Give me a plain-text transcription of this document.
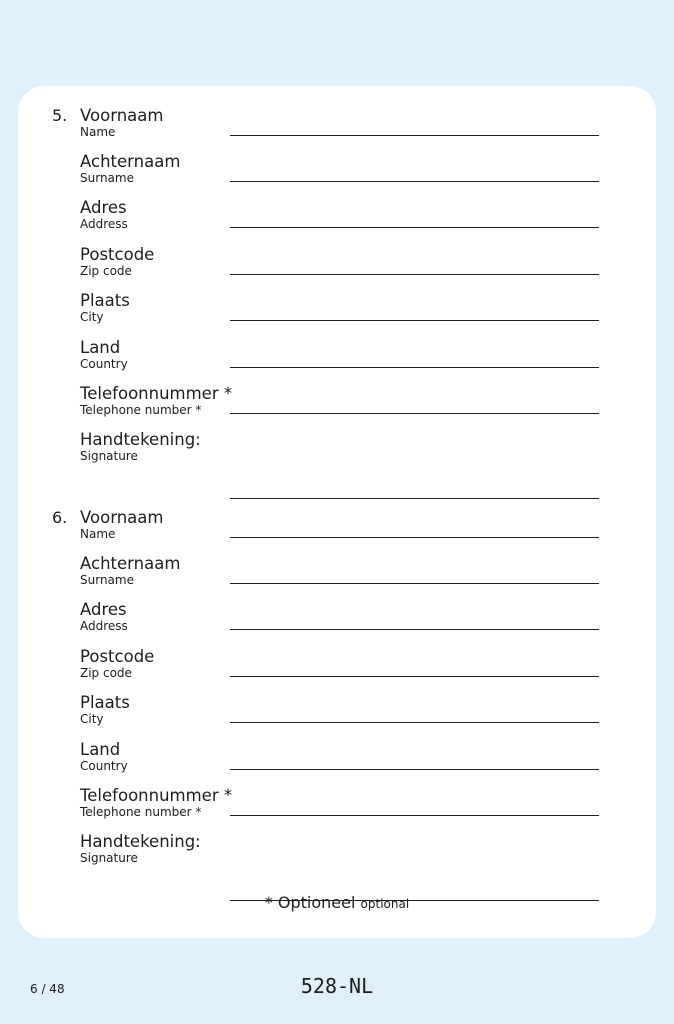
5. Voornaam
Name
Achternaam
Surname
Adres
Address
Postcode
Zip code
Plaats
City
Land
Country
Telefoonnummer *
Telephone number *
Handtekening:
Signature
6. Voornaam
Name
Achternaam
Surname
Adres
Address
Postcode
Zip code
Plaats
City
Land
Country
Telefoonnummer *
Telephone number *
Handtekening:
Signature
* Optioneel optional
6 / 48	528-NL
